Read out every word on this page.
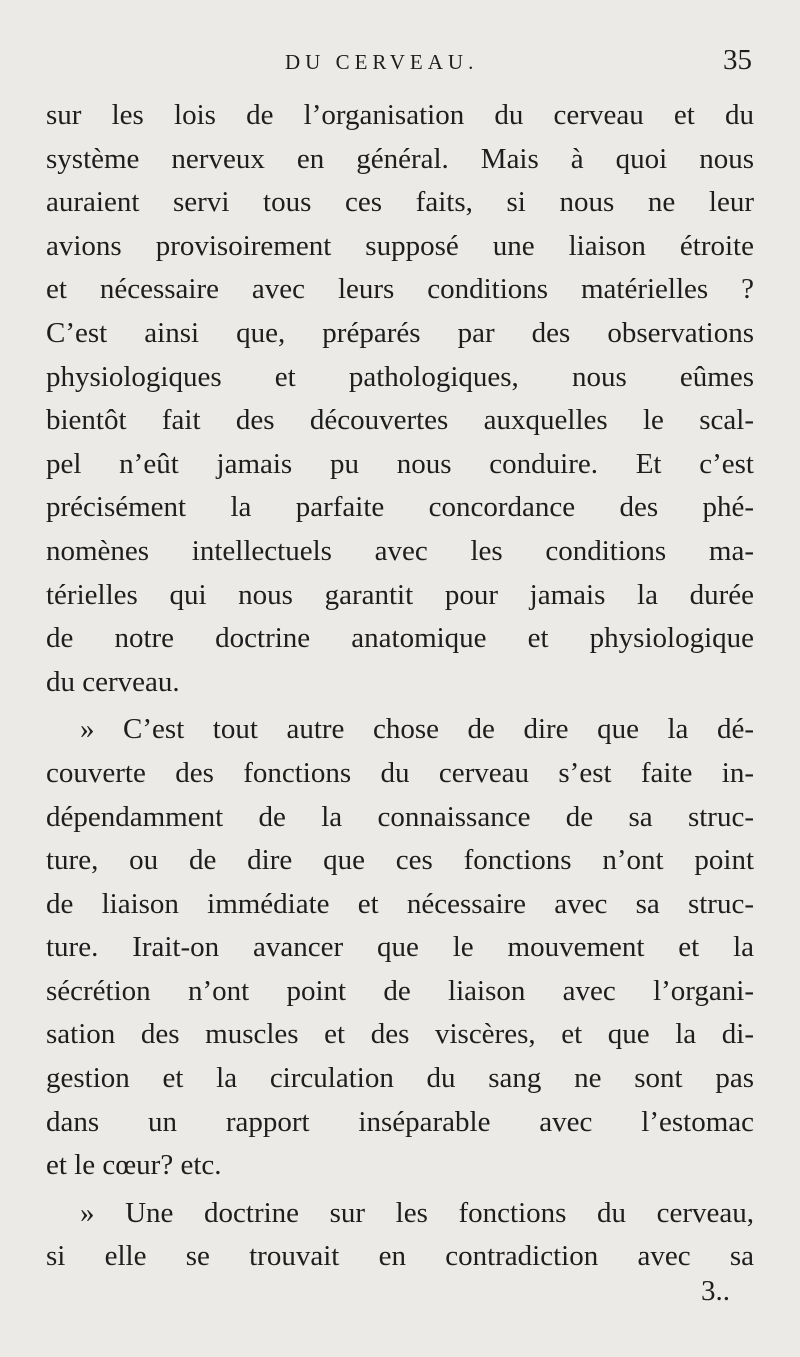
DU CERVEAU.	35
sur les lois de l’organisation du cerveau et du
système nerveux en général. Mais à quoi nous
auraient servi tous ces faits, si nous ne leur
avions provisoirement supposé une liaison étroite
et nécessaire avec leurs conditions matérielles ?
C’est ainsi que, préparés par des observations
physiologiques et pathologiques, nous eûmes
bientôt fait des découvertes auxquelles le scal-
pel n’eût jamais pu nous conduire. Et c’est
précisément la parfaite concordance des phé-
nomènes intellectuels avec les conditions ma-
térielles qui nous garantit pour jamais la durée
de notre doctrine anatomique et physiologique
du cerveau.
» C’est tout autre chose de dire que la dé-
couverte des fonctions du cerveau s’est faite in-
dépendamment de la connaissance de sa struc-
ture, ou de dire que ces fonctions n’ont point
de liaison immédiate et nécessaire avec sa struc-
ture. Irait-on avancer que le mouvement et la
sécrétion n’ont point de liaison avec l’organi-
sation des muscles et des viscères, et que la di-
gestion et la circulation du sang ne sont pas
dans un rapport inséparable avec l’estomac
et le cœur? etc.
» Une doctrine sur les fonctions du cerveau,
si elle se trouvait en contradiction avec sa
3..
